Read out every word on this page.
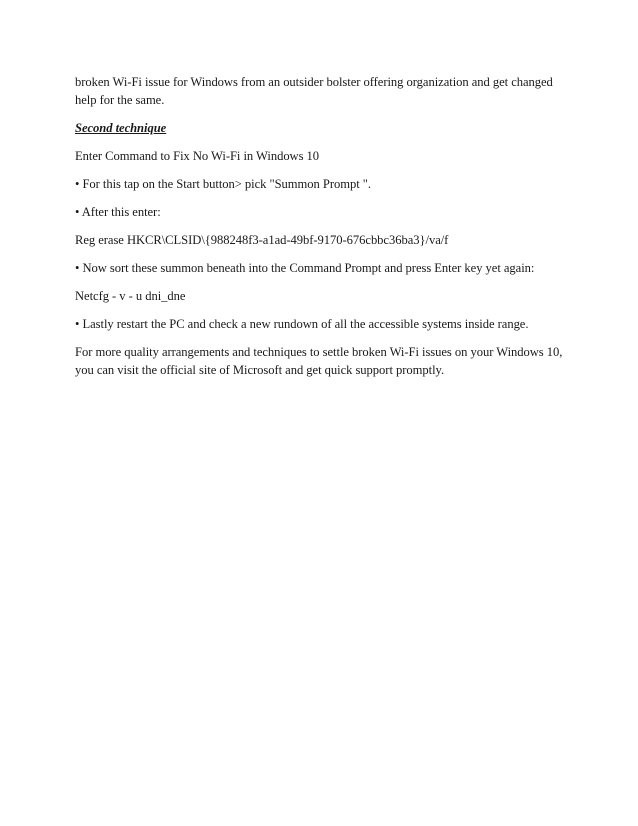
broken Wi-Fi issue for Windows from an outsider bolster offering organization and get changed help for the same.

Second technique

Enter Command to Fix No Wi-Fi in Windows 10

• For this tap on the Start button> pick "Summon Prompt ".

• After this enter:

Reg erase HKCR\CLSID\{988248f3-a1ad-49bf-9170-676cbbc36ba3}/va/f

• Now sort these summon beneath into the Command Prompt and press Enter key yet again:

Netcfg - v - u dni_dne

• Lastly restart the PC and check a new rundown of all the accessible systems inside range.

For more quality arrangements and techniques to settle broken Wi-Fi issues on your Windows 10, you can visit the official site of Microsoft and get quick support promptly.
